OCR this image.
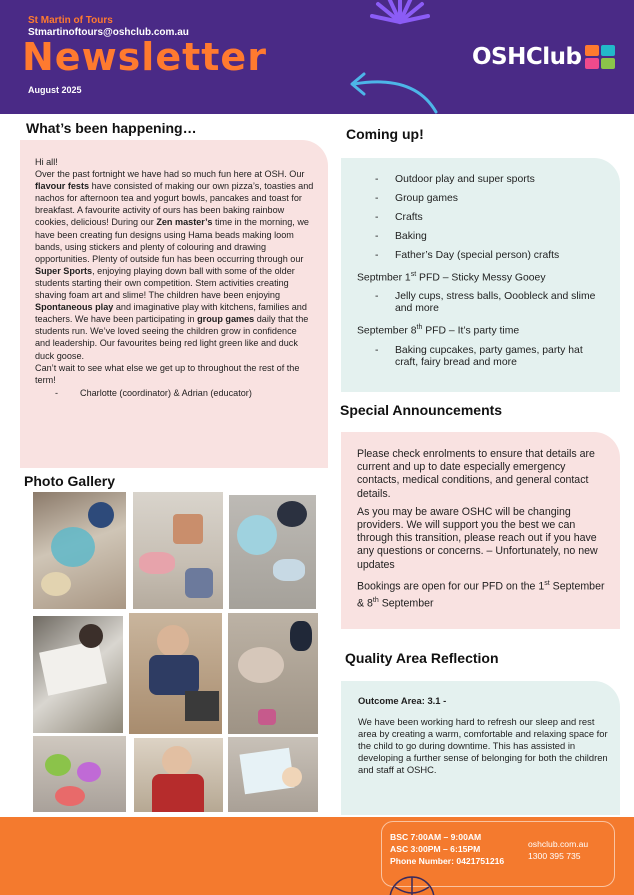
St Martin of Tours
Stmartinoftours@oshclub.com.au
Newsletter
August 2025
OSHClub
What’s been happening…

Hi all!

Over the past fortnight we have had so much fun here at OSH. Our flavour fests have consisted of making our own pizza’s, toasties and nachos for afternoon tea and yogurt bowls, pancakes and toast for breakfast. A favourite activity of ours has been baking rainbow cookies, delicious! During our Zen master’s time in the morning, we have been creating fun designs using Hama beads making loom bands, using stickers and plenty of colouring and drawing opportunities. Plenty of outside fun has been occurring through our Super Sports, enjoying playing down ball with some of the older students starting their own competition. Stem activities creating shaving foam art and slime! The children have been enjoying Spontaneous play and imaginative play with kitchens, families and teachers. We have been participating in group games daily that the students run. We’ve loved seeing the children grow in confidence and leadership. Our favourites being red light green like and duck duck goose.

Can’t wait to see what else we get up to throughout the rest of the term!

- Charlotte (coordinator) & Adrian (educator)
Coming up!
-	Outdoor play and super sports
-	Group games
-	Crafts
-	Baking
-	Father’s Day (special person) crafts
Septmber 1st PFD – Sticky Messy Gooey
-	Jelly cups, stress balls, Ooobleck and slime and more
September 8th PFD – It’s party time
-	Baking cupcakes, party games, party hat craft, fairy bread and more
Special Announcements

Please check enrolments to ensure that details are current and up to date especially emergency contacts, medical conditions, and general contact details.

As you may be aware OSHC will be changing providers. We will support you the best we can through this transition, please reach out if you have any questions or concerns. – Unfortunately, no new updates

Bookings are open for our PFD on the 1st September & 8th September

Quality Area Reflection
Outcome Area: 3.1 -
We have been working hard to refresh our sleep and rest area by creating a warm, comfortable and relaxing space for the child to go during downtime. This has assisted in developing a further sense of belonging for both the children and staff at OSHC.
Photo Gallery
BSC 7:00AM – 9:00AM
ASC 3:00PM – 6:15PM
Phone Number: 0421751216
oshclub.com.au
1300 395 735
